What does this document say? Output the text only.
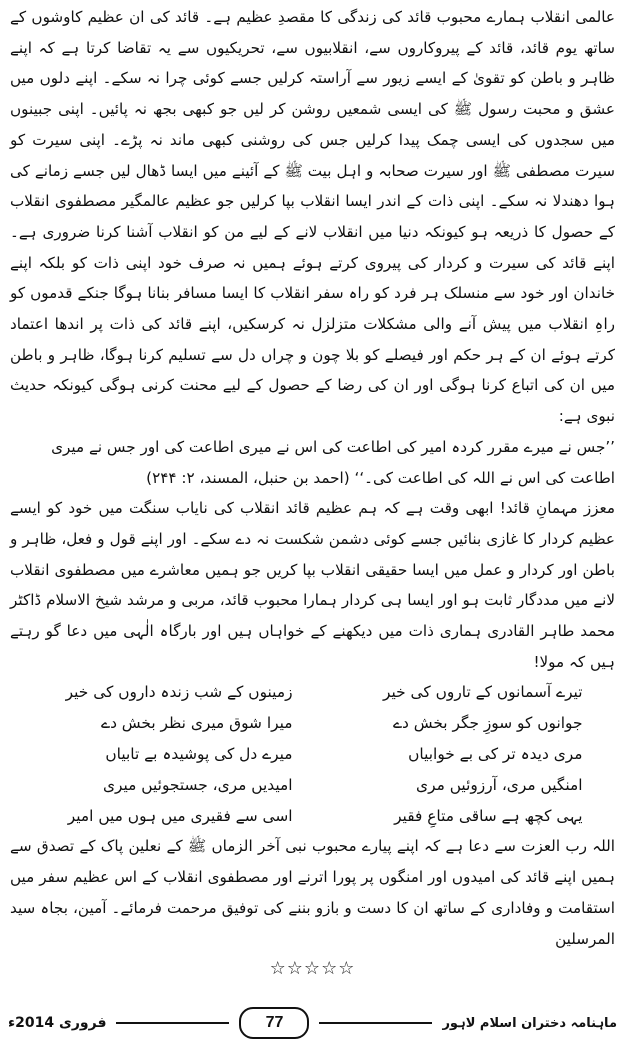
عالمی انقلاب ہمارے محبوب قائد کی زندگی کا مقصدِ عظیم ہے۔ قائد کی ان عظیم کاوشوں کے ساتھ یوم قائد، قائد کے پیروکاروں سے، انقلابیوں سے، تحریکیوں سے یہ تقاضا کرتا ہے کہ اپنے ظاہر و باطن کو تقویٰ کے ایسے زیور سے آراستہ کرلیں جسے کوئی چرا نہ سکے۔ اپنے دلوں میں عشق و محبت رسول ﷺ کی ایسی شمعیں روشن کر لیں جو کبھی بجھ نہ پائیں۔ اپنی جبینوں میں سجدوں کی ایسی چمک پیدا کرلیں جس کی روشنی کبھی ماند نہ پڑے۔ اپنی سیرت کو سیرت مصطفی ﷺ اور سیرت صحابہ و اہل بیت ﷺ کے آئینے میں ایسا ڈھال لیں جسے زمانے کی ہوا دھندلا نہ سکے۔ اپنی ذات کے اندر ایسا انقلاب بپا کرلیں جو عظیم عالمگیر مصطفوی انقلاب کے حصول کا ذریعہ ہو کیونکہ دنیا میں انقلاب لانے کے لیے من کو انقلاب آشنا کرنا ضروری ہے۔ اپنے قائد کی سیرت و کردار کی پیروی کرتے ہوئے ہمیں نہ صرف خود اپنی ذات کو بلکہ اپنے خاندان اور خود سے منسلک ہر فرد کو راہ سفر انقلاب کا ایسا مسافر بنانا ہوگا جنکے قدموں کو راہِ انقلاب میں پیش آنے والی مشکلات متزلزل نہ کرسکیں، اپنے قائد کی ذات پر اندھا اعتماد کرتے ہوئے ان کے ہر حکم اور فیصلے کو بلا چون و چراں دل سے تسلیم کرنا ہوگا، ظاہر و باطن میں ان کی اتباع کرنا ہوگی اور ان کی رضا کے حصول کے لیے محنت کرنی ہوگی کیونکہ حدیث نبوی ہے:

’’جس نے میرے مقرر کردہ امیر کی اطاعت کی اس نے میری اطاعت کی اور جس نے میری اطاعت کی اس نے اللہ کی اطاعت کی۔‘‘ (احمد بن حنبل، المسند، ۲: ۲۴۴)

معزز مہمانِ قائد! ابھی وقت ہے کہ ہم عظیم قائد انقلاب کی نایاب سنگت میں خود کو ایسے عظیم کردار کا غازی بنائیں جسے کوئی دشمن شکست نہ دے سکے۔ اور اپنے قول و فعل، ظاہر و باطن اور کردار و عمل میں ایسا حقیقی انقلاب بپا کریں جو ہمیں معاشرے میں مصطفوی انقلاب لانے میں مددگار ثابت ہو اور ایسا ہی کردار ہمارا محبوب قائد، مربی و مرشد شیخ الاسلام ڈاکٹر محمد طاہر القادری ہماری ذات میں دیکھنے کے خواہاں ہیں اور بارگاہ الٰہی میں دعا گو رہتے ہیں کہ مولا!

تیرے آسمانوں کے تاروں کی خیر
زمینوں کے شب زندہ داروں کی خیر
جوانوں کو سوزِ جگر بخش دے
میرا شوق میری نظر بخش دے
مری دیدہ تر کی بے خوابیاں
میرے دل کی پوشیدہ بے تابیاں
امنگیں مری، آرزوئیں مری
امیدیں مری، جستجوئیں میری
یہی کچھ ہے ساقی متاعِ فقیر
اسی سے فقیری میں ہوں میں امیر

اللہ رب العزت سے دعا ہے کہ اپنے پیارے محبوب نبی آخر الزماں ﷺ کے نعلین پاک کے تصدق سے ہمیں اپنے قائد کی امیدوں اور امنگوں پر پورا اترنے اور مصطفوی انقلاب کے اس عظیم سفر میں استقامت و وفاداری کے ساتھ ان کا دست و بازو بننے کی توفیق مرحمت فرمائے۔ آمین، بجاہ سید المرسلین

☆☆☆☆☆
فروری 2014ء	77	ماہنامہ دختران اسلام لاہور
